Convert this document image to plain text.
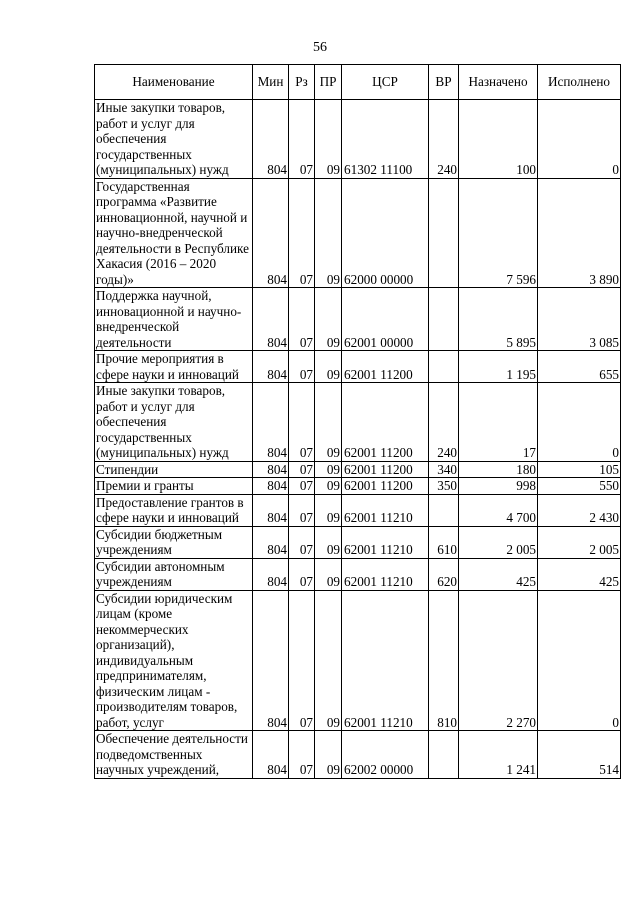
56
Наименование	Мин	Рз	ПР	ЦСР	ВР	Назначено	Исполнено
Иные закупки товаров, работ и услуг для обеспечения государственных (муниципальных) нужд	804	07	09	61302 11100	240	100	0
Государственная программа «Развитие инновационной, научной и научно-внедренческой деятельности в Республике Хакасия (2016 – 2020 годы)»	804	07	09	62000 00000		7 596	3 890
Поддержка научной, инновационной и научно-внедренческой деятельности	804	07	09	62001 00000		5 895	3 085
Прочие мероприятия в сфере науки и инноваций	804	07	09	62001 11200		1 195	655
Иные закупки товаров, работ и услуг для обеспечения государственных (муниципальных) нужд	804	07	09	62001 11200	240	17	0
Стипендии	804	07	09	62001 11200	340	180	105
Премии и гранты	804	07	09	62001 11200	350	998	550
Предоставление грантов в сфере науки и инноваций	804	07	09	62001 11210		4 700	2 430
Субсидии бюджетным учреждениям	804	07	09	62001 11210	610	2 005	2 005
Субсидии автономным учреждениям	804	07	09	62001 11210	620	425	425
Субсидии юридическим лицам (кроме некоммерческих организаций), индивидуальным предпринимателям, физическим лицам - производителям товаров, работ, услуг	804	07	09	62001 11210	810	2 270	0
Обеспечение деятельности подведомственных научных учреждений,	804	07	09	62002 00000		1 241	514
